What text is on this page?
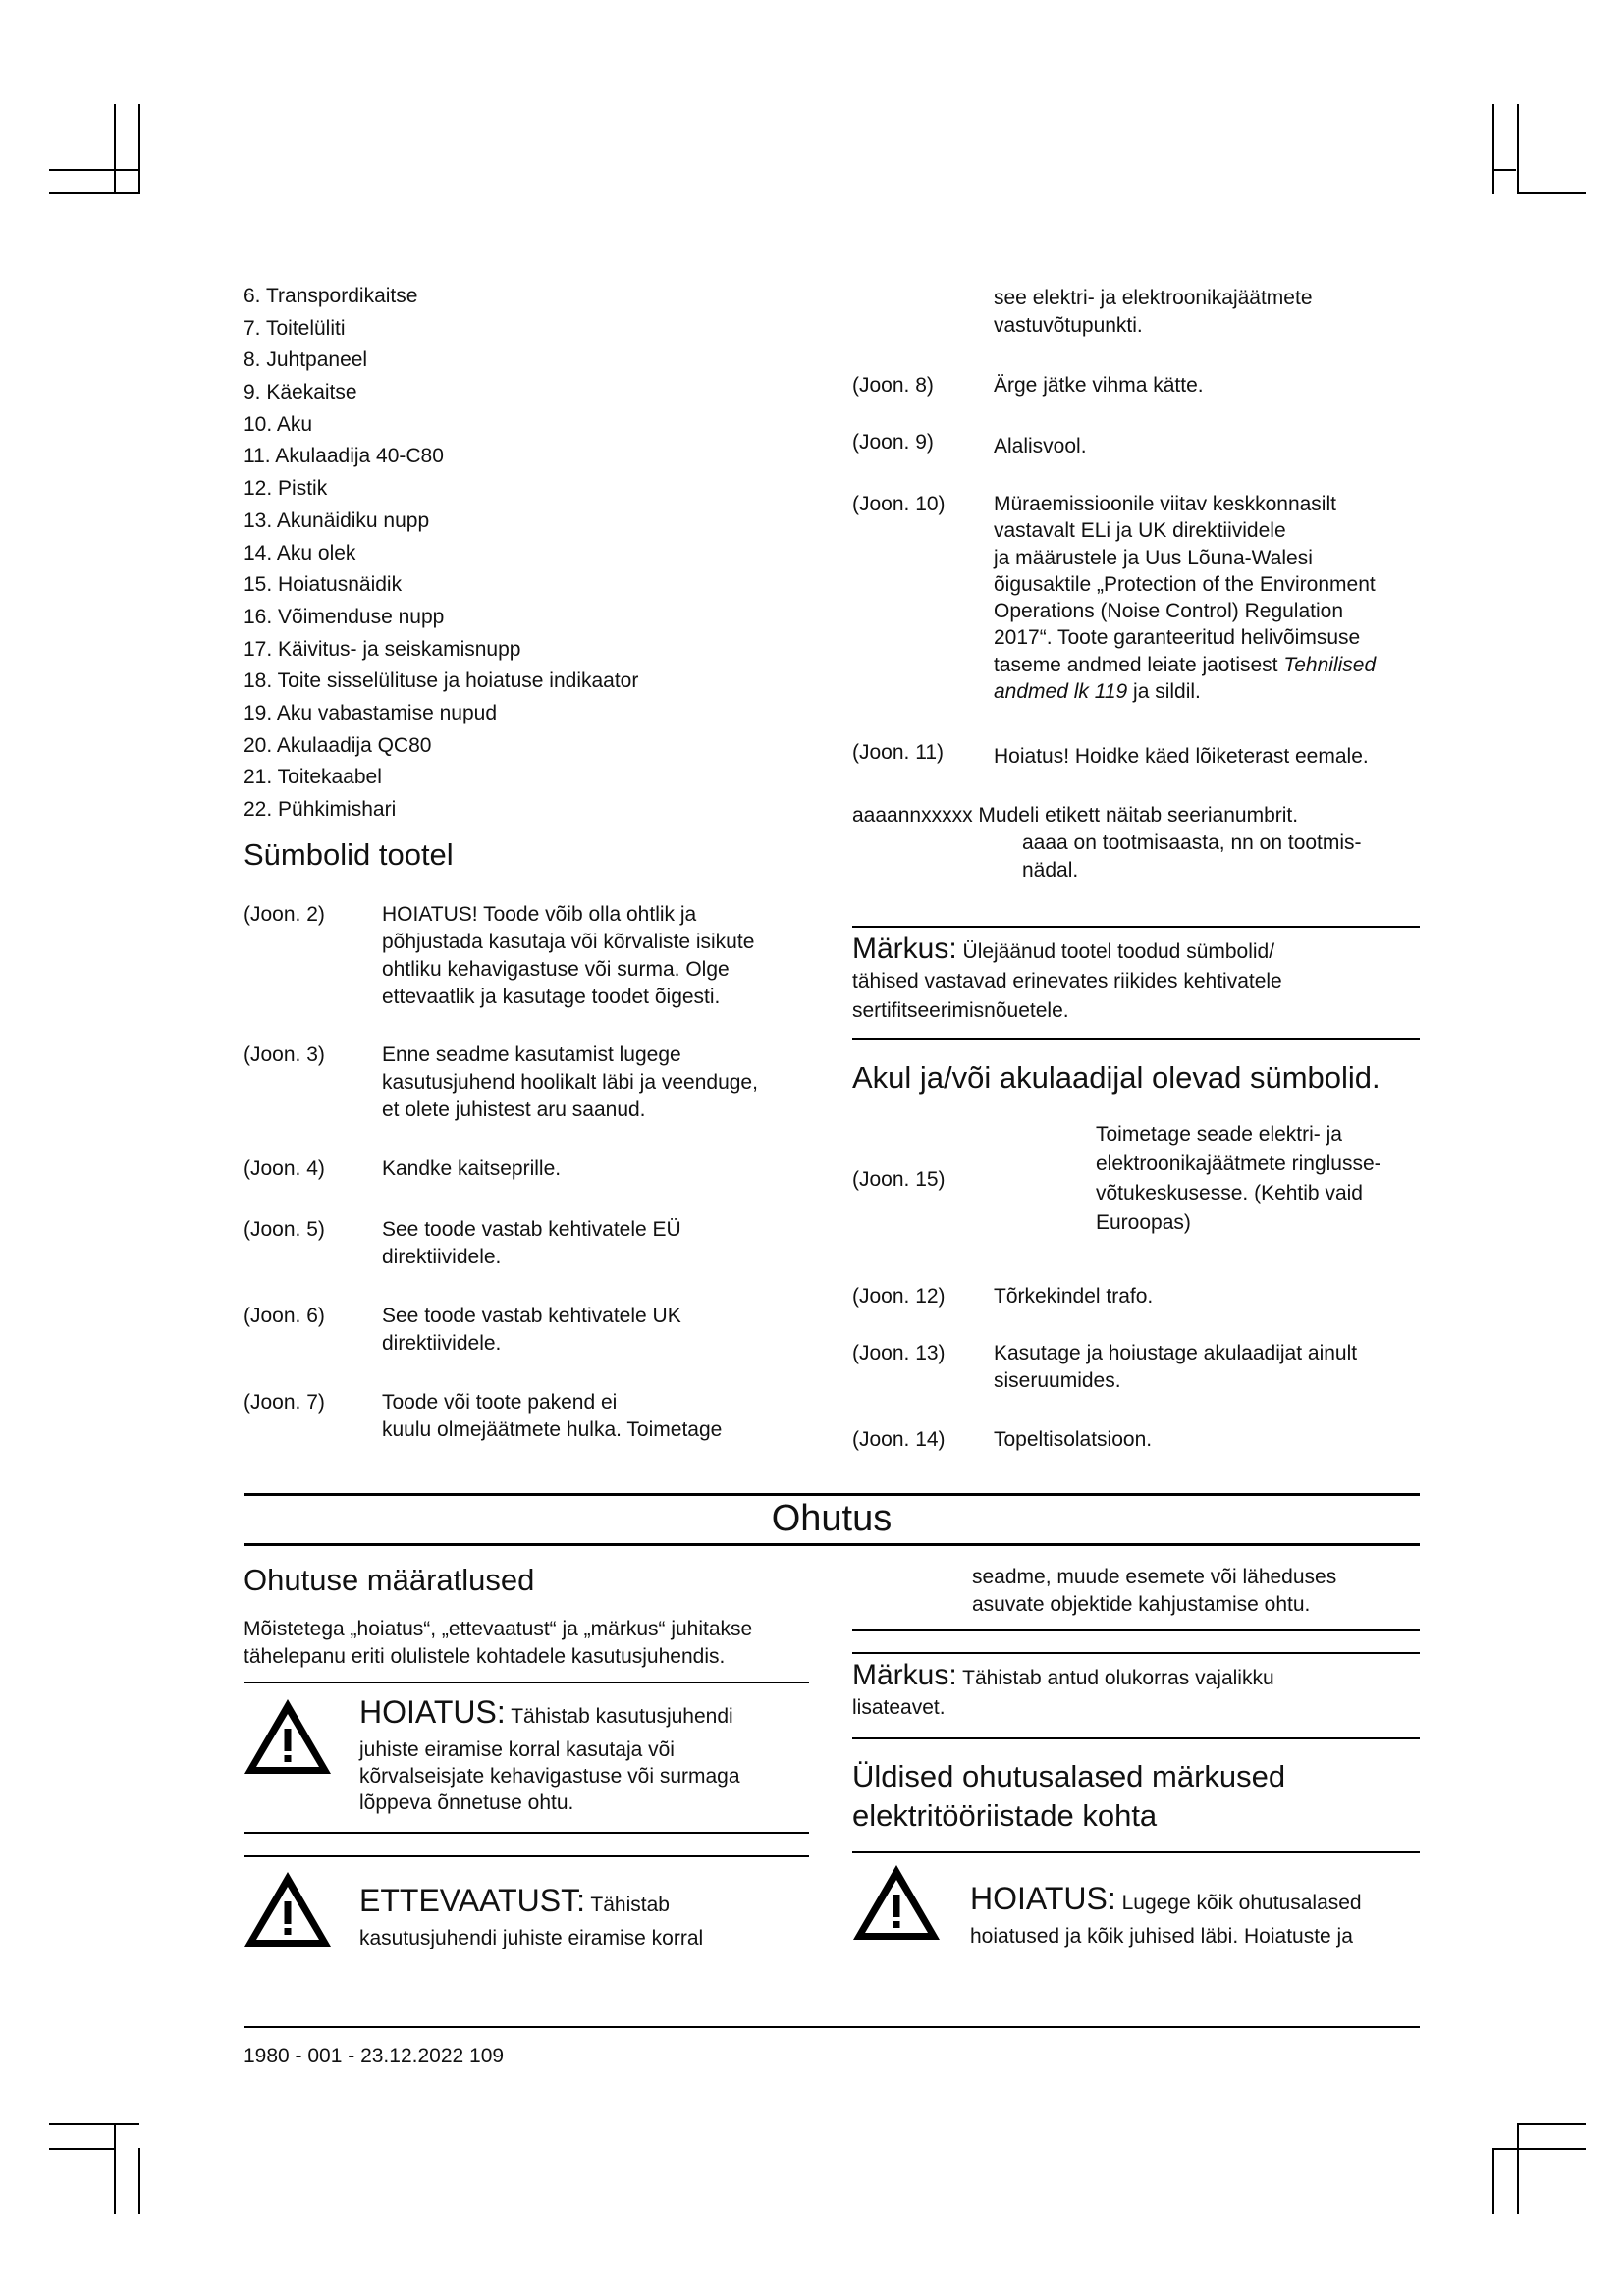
6. Transpordikaitse
7. Toitelüliti
8. Juhtpaneel
9. Käekaitse
10. Aku
11. Akulaadija 40-C80
12. Pistik
13. Akunäidiku nupp
14. Aku olek
15. Hoiatusnäidik
16. Võimenduse nupp
17. Käivitus- ja seiskamisnupp
18. Toite sisselülituse ja hoiatuse indikaator
19. Aku vabastamise nupud
20. Akulaadija QC80
21. Toitekaabel
22. Pühkimishari
Sümbolid tootel
(Joon. 2)	HOIATUS! Toode võib olla ohtlik ja
põhjustada kasutaja või kõrvaliste isikute
ohtliku kehavigastuse või surma. Olge
ettevaatlik ja kasutage toodet õigesti.
(Joon. 3)	Enne seadme kasutamist lugege
kasutusjuhend hoolikalt läbi ja veenduge,
et olete juhistest aru saanud.
(Joon. 4)	Kandke kaitseprille.
(Joon. 5)	See toode vastab kehtivatele EÜ
direktiividele.
(Joon. 6)	See toode vastab kehtivatele UK
direktiividele.
(Joon. 7)	Toode või toote pakend ei
kuulu olmejäätmete hulka. Toimetage
see elektri- ja elektroonikajäätmete
vastuvõtupunkti.
(Joon. 8)	Ärge jätke vihma kätte.
(Joon. 9)	Alalisvool.
(Joon. 10) Müraemissioonile viitav keskkonnasilt
vastavalt ELi ja UK direktiividele
ja määrustele ja Uus Lõuna-Walesi
õigusaktile „Protection of the Environment
Operations (Noise Control) Regulation
2017“. Toote garanteeritud helivõimsuse
taseme andmed leiate jaotisest Tehnilised
andmed lk 119 ja sildil.
(Joon. 11) Hoiatus! Hoidke käed lõiketerast eemale.
aaaannxxxxx Mudeli etikett näitab seerianumbrit.
aaaa on tootmisaasta, nn on tootmis-
nädal.
Märkus: Ülejäänud tootel toodud sümbolid/
tähised vastavad erinevates riikides kehtivatele
sertifitseerimisnõuetele.
Akul ja/või akulaadijal olevad sümbolid.
(Joon. 15)
Toimetage seade elektri- ja
elektroonikajäätmete ringlusse-
võtukeskusesse. (Kehtib vaid
Euroopas)
(Joon. 12) Tõrkekindel trafo.
(Joon. 13) Kasutage ja hoiustage akulaadijat ainult
siseruumides.
(Joon. 14) Topeltisolatsioon.
Ohutus
Ohutuse määratlused
Mõistetega „hoiatus“, „ettevaatust“ ja „märkus“ juhitakse
tähelepanu eriti olulistele kohtadele kasutusjuhendis.
HOIATUS: Tähistab kasutusjuhendi
juhiste eiramise korral kasutaja või
kõrvalseisjate kehavigastuse või surmaga
lõppeva õnnetuse ohtu.
ETTEVAATUST: Tähistab
kasutusjuhendi juhiste eiramise korral
seadme, muude esemete või läheduses
asuvate objektide kahjustamise ohtu.
Märkus: Tähistab antud olukorras vajalikku
lisateavet.
Üldised ohutusalased märkused
elektritööriistade kohta
HOIATUS: Lugege kõik ohutusalased
hoiatused ja kõik juhised läbi. Hoiatuste ja
1980 - 001 - 23.12.2022 109
